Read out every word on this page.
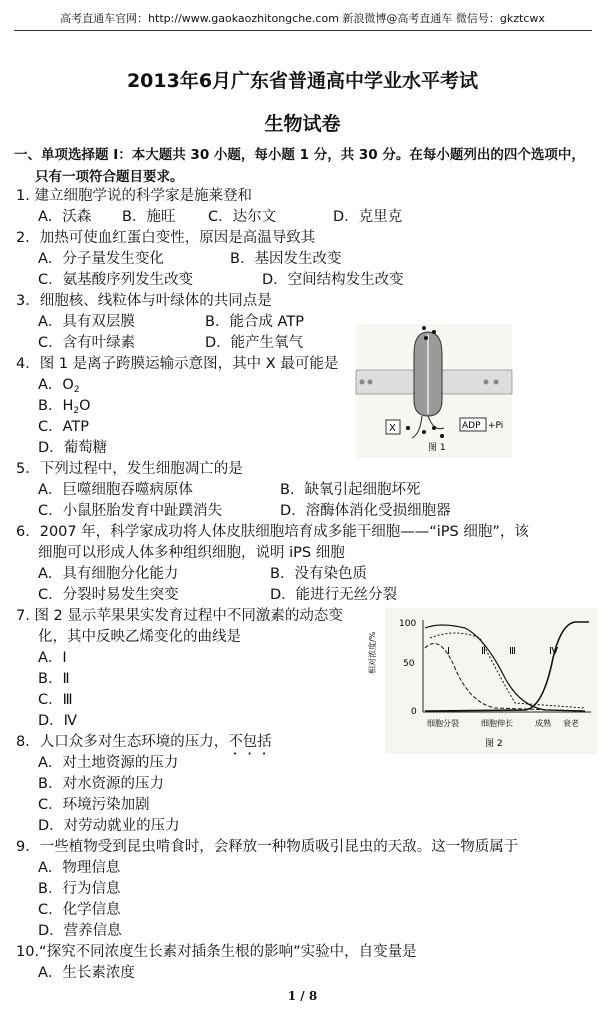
高考直通车官网：http://www.gaokaozhitongche.com 新浪微博@高考直通车 微信号：gkztcwx
2013年6月广东省普通高中学业水平考试
生物试卷
一、单项选择题 I：本大题共 30 小题，每小题 1 分，共 30 分。在每小题列出的四个选项中，
只有一项符合题目要求。
1. 建立细胞学说的科学家是施莱登和
A．沃森 B．施旺 C．达尔文	D．克里克
2．加热可使血红蛋白变性，原因是高温导致其
A．分子量发生变化	B．基因发生改变
C．氨基酸序列发生改变	D．空间结构发生改变
3．细胞核、线粒体与叶绿体的共同点是
A．具有双层膜	B．能合成 ATP
C．含有叶绿素	D．能产生氧气
4．图 1 是离子跨膜运输示意图，其中 X 最可能是
A．$O_2$
B．$H_2O$
C．ATP
D．葡萄糖
X	ADP +Pi
图 1
5．下列过程中，发生细胞凋亡的是
A．巨噬细胞吞噬病原体	B．缺氧引起细胞坏死
C．小鼠胚胎发育中趾蹼消失	D．溶酶体消化受损细胞器
6．2007 年，科学家成功将人体皮肤细胞培育成多能干细胞——“iPS 细胞”，该
细胞可以形成人体多种组织细胞，说明 iPS 细胞
A．具有细胞分化能力	B．没有染色质
C．分裂时易发生突变	D．能进行无丝分裂
7. 图 2 显示苹果果实发育过程中不同激素的动态变
化，其中反映乙烯变化的曲线是
A．Ⅰ
B．Ⅱ
C．Ⅲ
D．Ⅳ
100
50
0
相对浓度/%	Ⅰ	Ⅱ Ⅲ	Ⅳ
细胞分裂	细胞伸长	成熟 衰老
图 2
8．人口众多对生态环境的压力，不包括
A．对土地资源的压力
B．对水资源的压力
C．环境污染加剧
D．对劳动就业的压力
9．一些植物受到昆虫啃食时，会释放一种物质吸引昆虫的天敌。这一物质属于
A．物理信息
B．行为信息
C．化学信息
D．营养信息
10.“探究不同浓度生长素对插条生根的影响”实验中，自变量是
A．生长素浓度
1 / 8
